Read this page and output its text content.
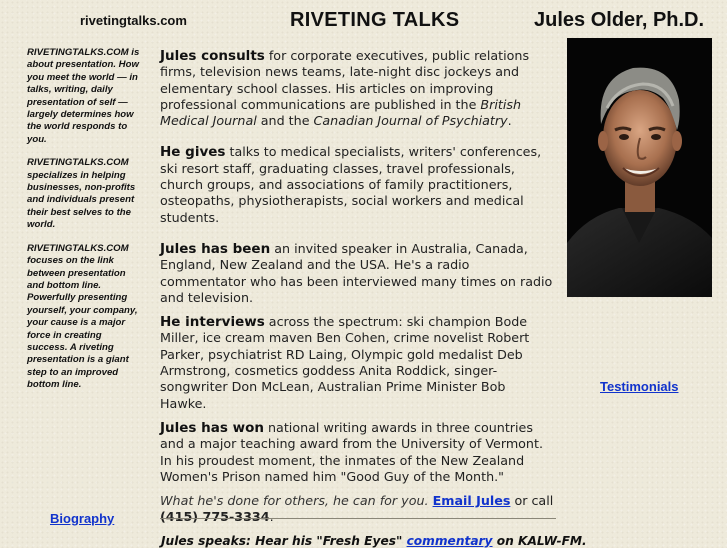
rivetingtalks.com	RIVETING TALKS	Jules Older, Ph.D.

RIVETINGTALKS.COM is about presentation. How you meet the world — in talks, writing, daily presentation of self — largely determines how the world responds to you.

RIVETINGTALKS.COM specializes in helping businesses, non-profits and individuals present their best selves to the world.

RIVETINGTALKS.COM focuses on the link between presentation and bottom line. Powerfully presenting yourself, your company, your cause is a major force in creating success. A riveting presentation is a giant step to an improved bottom line.

Biography

Jules consults for corporate executives, public relations firms, television news teams, late-night disc jockeys and elementary school classes. His articles on improving professional communications are published in the British Medical Journal and the Canadian Journal of Psychiatry.

He gives talks to medical specialists, writers' conferences, ski resort staff, graduating classes, travel professionals, church groups, and associations of family practitioners, osteopaths, physiotherapists, social workers and medical students.

Jules has been an invited speaker in Australia, Canada, England, New Zealand and the USA. He's a radio commentator who has been interviewed many times on radio and television.

He interviews across the spectrum: ski champion Bode Miller, ice cream maven Ben Cohen, crime novelist Robert Parker, psychiatrist RD Laing, Olympic gold medalist Deb Armstrong, cosmetics goddess Anita Roddick, singer-songwriter Don McLean, Australian Prime Minister Bob Hawke.

Jules has won national writing awards in three countries and a major teaching award from the University of Vermont. In his proudest moment, the inmates of the New Zealand Women's Prison named him "Good Guy of the Month."

What he's done for others, he can for you. Email Jules or call (415) 775-3334.

Jules speaks: Hear his "Fresh Eyes" commentary on KALW-FM.
Testimonials
